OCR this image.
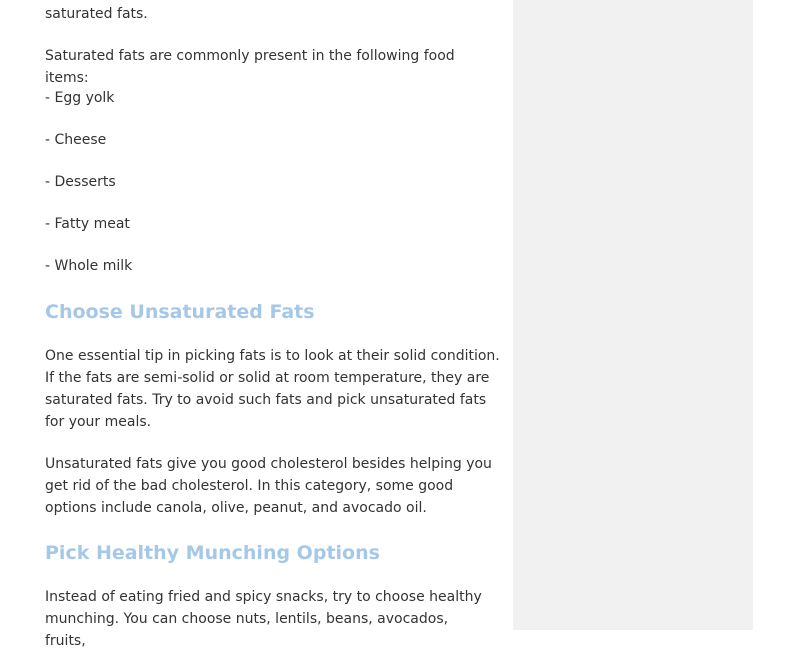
saturated fats.

Saturated fats are commonly present in the following food items:

- Egg yolk

- Cheese

- Desserts

- Fatty meat

- Whole milk

Choose Unsaturated Fats

One essential tip in picking fats is to look at their solid condition. If the fats are semi-solid or solid at room temperature, they are saturated fats. Try to avoid such fats and pick unsaturated fats for your meals.

Unsaturated fats give you good cholesterol besides helping you get rid of the bad cholesterol. In this category, some good options include canola, olive, peanut, and avocado oil.

Pick Healthy Munching Options

Instead of eating fried and spicy snacks, try to choose healthy munching. You can choose nuts, lentils, beans, avocados, fruits,
